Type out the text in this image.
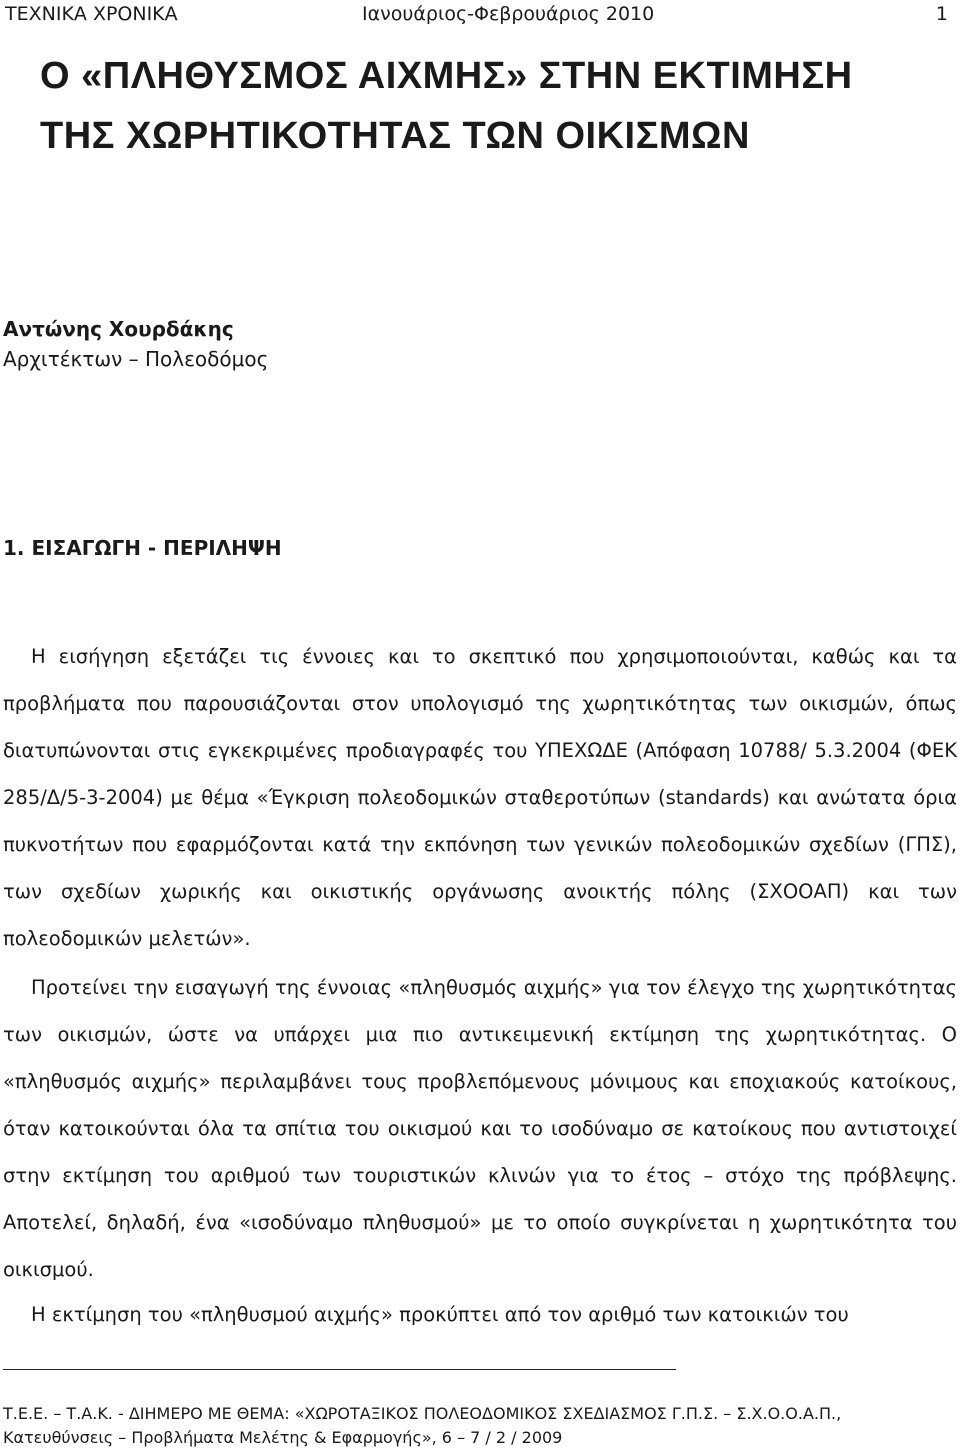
ΤΕΧΝΙΚΑ ΧΡΟΝΙΚΑ	Ιανουάριος-Φεβρουάριος 2010	1
Ο «ΠΛΗΘΥΣΜΟΣ ΑΙΧΜΗΣ» ΣΤΗΝ ΕΚΤΙΜΗΣΗ
ΤΗΣ ΧΩΡΗΤΙΚΟΤΗΤΑΣ ΤΩΝ ΟΙΚΙΣΜΩΝ
Αντώνης Χουρδάκης
Αρχιτέκτων – Πολεοδόμος
1. ΕΙΣΑΓΩΓΗ - ΠΕΡΙΛΗΨΗ
Η εισήγηση εξετάζει τις έννοιες και το σκεπτικό που χρησιμοποιούνται, καθώς και τα προβλήματα που παρουσιάζονται στον υπολογισμό της χωρητικότητας των οικισμών, όπως διατυπώνονται στις εγκεκριμένες προδιαγραφές του ΥΠΕΧΩΔΕ (Απόφαση 10788/ 5.3.2004 (ΦΕΚ 285/Δ/5-3-2004) με θέμα «Έγκριση πολεοδομικών σταθεροτύπων (standards) και ανώτατα όρια πυκνοτήτων που εφαρμόζονται κατά την εκπόνηση των γενικών πολεοδομικών σχεδίων (ΓΠΣ), των σχεδίων χωρικής και οικιστικής οργάνωσης ανοικτής πόλης (ΣΧΟΟΑΠ) και των πολεοδομικών μελετών».
Προτείνει την εισαγωγή της έννοιας «πληθυσμός αιχμής» για τον έλεγχο της χωρητικότητας των οικισμών, ώστε να υπάρχει μια πιο αντικειμενική εκτίμηση της χωρητικότητας. Ο «πληθυσμός αιχμής» περιλαμβάνει τους προβλεπόμενους μόνιμους και εποχιακούς κατοίκους, όταν κατοικούνται όλα τα σπίτια του οικισμού και το ισοδύναμο σε κατοίκους που αντιστοιχεί στην εκτίμηση του αριθμού των τουριστικών κλινών για το έτος – στόχο της πρόβλεψης. Αποτελεί, δηλαδή, ένα «ισοδύναμο πληθυσμού» με το οποίο συγκρίνεται η χωρητικότητα του οικισμού.
Η εκτίμηση του «πληθυσμού αιχμής» προκύπτει από τον αριθμό των κατοικιών του
Τ.Ε.Ε. – Τ.Α.Κ. - ΔΙΗΜΕΡΟ ΜΕ ΘΕΜΑ: «ΧΩΡΟΤΑΞΙΚΟΣ ΠΟΛΕΟΔΟΜΙΚΟΣ ΣΧΕΔΙΑΣΜΟΣ Γ.Π.Σ. – Σ.Χ.Ο.Ο.Α.Π.,
Κατευθύνσεις – Προβλήματα Μελέτης & Εφαρμογής», 6 – 7 / 2 / 2009
